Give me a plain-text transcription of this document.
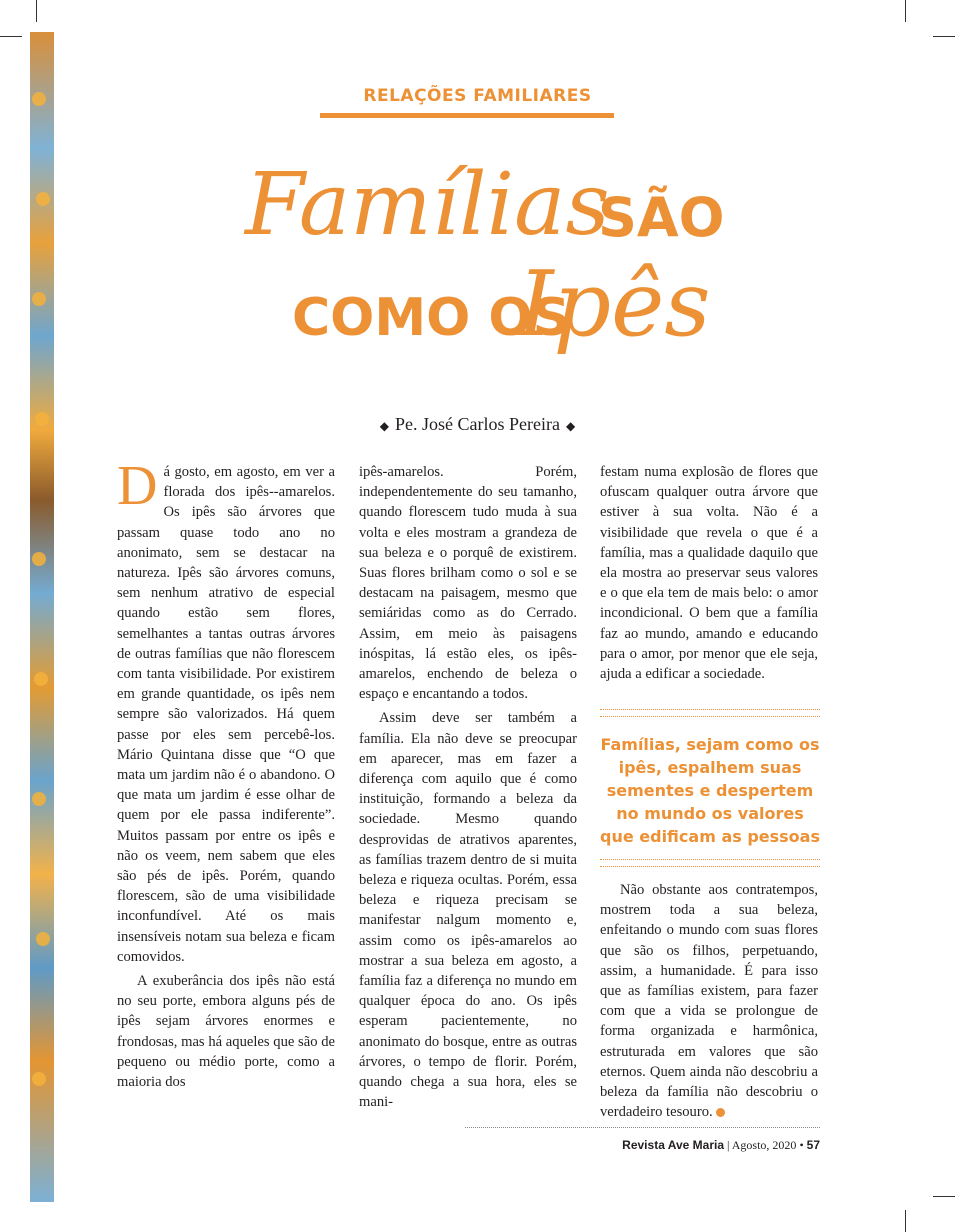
RELAÇÕES FAMILIARES
Famílias
SÃO
COMO OS
Ipês
◆ Pe. José Carlos Pereira ◆

Dá gosto, em agosto, em ver a florada dos ipês--amarelos. Os ipês são árvores que passam quase todo ano no anonimato, sem se destacar na natureza. Ipês são árvores comuns, sem nenhum atrativo de especial quando estão sem flores, semelhantes a tantas outras árvores de outras famílias que não florescem com tanta visibilidade. Por existirem em grande quantidade, os ipês nem sempre são valorizados. Há quem passe por eles sem percebê-los. Mário Quintana disse que “O que mata um jardim não é o abandono. O que mata um jardim é esse olhar de quem por ele passa indiferente”. Muitos passam por entre os ipês e não os veem, nem sabem que eles são pés de ipês. Porém, quando florescem, são de uma visibilidade inconfundível. Até os mais insensíveis notam sua beleza e ficam comovidos.

A exuberância dos ipês não está no seu porte, embora alguns pés de ipês sejam árvores enormes e frondosas, mas há aqueles que são de pequeno ou médio porte, como a maioria dos

ipês-amarelos. Porém, independentemente do seu tamanho, quando florescem tudo muda à sua volta e eles mostram a grandeza de sua beleza e o porquê de existirem. Suas flores brilham como o sol e se destacam na paisagem, mesmo que semiáridas como as do Cerrado. Assim, em meio às paisagens inóspitas, lá estão eles, os ipês-amarelos, enchendo de beleza o espaço e encantando a todos.

Assim deve ser também a família. Ela não deve se preocupar em aparecer, mas em fazer a diferença com aquilo que é como instituição, formando a beleza da sociedade. Mesmo quando desprovidas de atrativos aparentes, as famílias trazem dentro de si muita beleza e riqueza ocultas. Porém, essa beleza e riqueza precisam se manifestar nalgum momento e, assim como os ipês-amarelos ao mostrar a sua beleza em agosto, a família faz a diferença no mundo em qualquer época do ano. Os ipês esperam pacientemente, no anonimato do bosque, entre as outras árvores, o tempo de florir. Porém, quando chega a sua hora, eles se mani-

festam numa explosão de flores que ofuscam qualquer outra árvore que estiver à sua volta. Não é a visibilidade que revela o que é a família, mas a qualidade daquilo que ela mostra ao preservar seus valores e o que ela tem de mais belo: o amor incondicional. O bem que a família faz ao mundo, amando e educando para o amor, por menor que ele seja, ajuda a edificar a sociedade.

Famílias, sejam como os ipês, espalhem suas sementes e despertem no mundo os valores que edificam as pessoas

Não obstante aos contratempos, mostrem toda a sua beleza, enfeitando o mundo com suas flores que são os filhos, perpetuando, assim, a humanidade. É para isso que as famílias existem, para fazer com que a vida se prolongue de forma organizada e harmônica, estruturada em valores que são eternos. Quem ainda não descobriu a beleza da família não descobriu o verdadeiro tesouro.

Revista Ave Maria | Agosto, 2020 • 57
